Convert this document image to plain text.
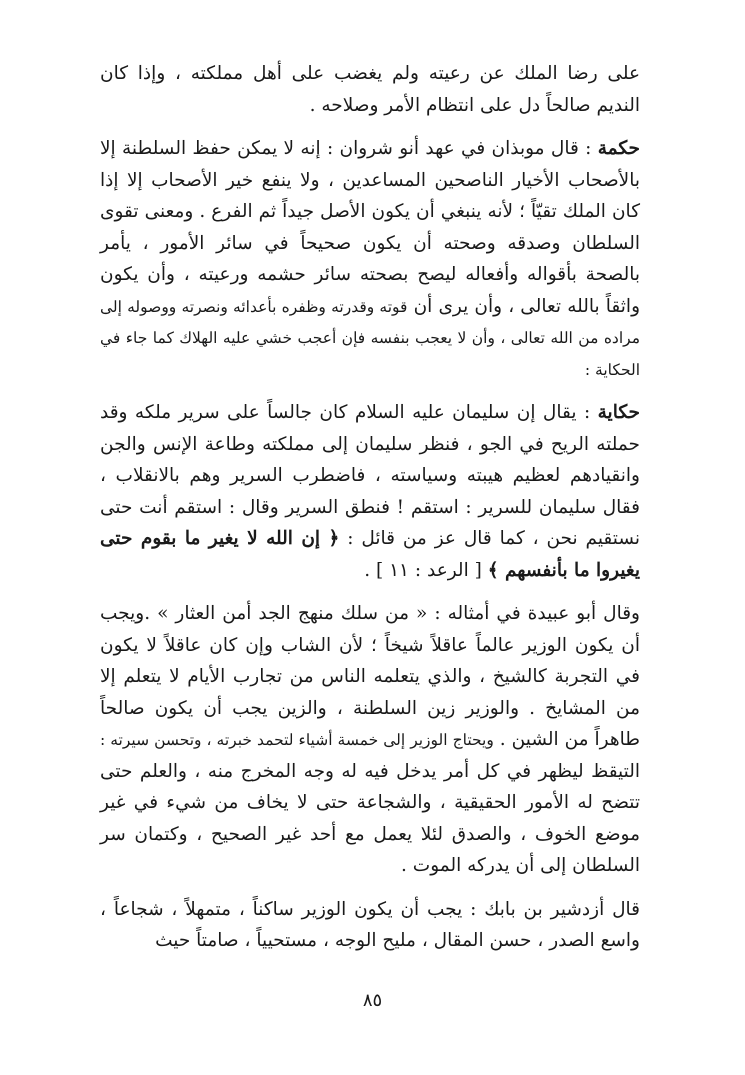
على رضا الملك عن رعيته ولم يغضب على أهل مملكته ، وإذا كان النديم صالحاً دل على انتظام الأمر وصلاحه .

حكمة : قال موبذان في عهد أنو شروان : إنه لا يمكن حفظ السلطنة إلا بالأصحاب الأخيار الناصحين المساعدين ، ولا ينفع خير الأصحاب إلا إذا كان الملك تقيّاً ؛ لأنه ينبغي أن يكون الأصل جيداً ثم الفرع . ومعنى تقوى السلطان وصدقه وصحته أن يكون صحيحاً في سائر الأمور ، يأمر بالصحة بأقواله وأفعاله ليصح بصحته سائر حشمه ورعيته ، وأن يكون واثقاً بالله تعالى ، وأن يرى أن قوته وقدرته وظفره بأعدائه ونصرته ووصوله إلى مراده من الله تعالى ، وأن لا يعجب بنفسه فإن أعجب خشي عليه الهلاك كما جاء في الحكاية :

حكاية : يقال إن سليمان عليه السلام كان جالساً على سرير ملكه وقد حملته الريح في الجو ، فنظر سليمان إلى مملكته وطاعة الإنس والجن وانقيادهم لعظيم هيبته وسياسته ، فاضطرب السرير وهم بالانقلاب ، فقال سليمان للسرير : استقم ! فنطق السرير وقال : استقم أنت حتى نستقيم نحن ، كما قال عز من قائل : ﴿ إن الله لا يغير ما بقوم حتى يغيروا ما بأنفسهم ﴾ [ الرعد : ١١ ] .

وقال أبو عبيدة في أمثاله : « من سلك منهج الجد أمن العثار » .ويجب أن يكون الوزير عالماً عاقلاً شيخاً ؛ لأن الشاب وإن كان عاقلاً لا يكون في التجربة كالشيخ ، والذي يتعلمه الناس من تجارب الأيام لا يتعلم إلا من المشايخ . والوزير زين السلطنة ، والزين يجب أن يكون صالحاً طاهراً من الشين . ويحتاج الوزير إلى خمسة أشياء لتحمد خبرته ، وتحسن سيرته : التيقظ ليظهر في كل أمر يدخل فيه له وجه المخرج منه ، والعلم حتى تتضح له الأمور الحقيقية ، والشجاعة حتى لا يخاف من شيء في غير موضع الخوف ، والصدق لئلا يعمل مع أحد غير الصحيح ، وكتمان سر السلطان إلى أن يدركه الموت .

قال أزدشير بن بابك : يجب أن يكون الوزير ساكناً ، متمهلاً ، شجاعاً ، واسع الصدر ، حسن المقال ، مليح الوجه ، مستحيياً ، صامتاً حيث

٨٥
